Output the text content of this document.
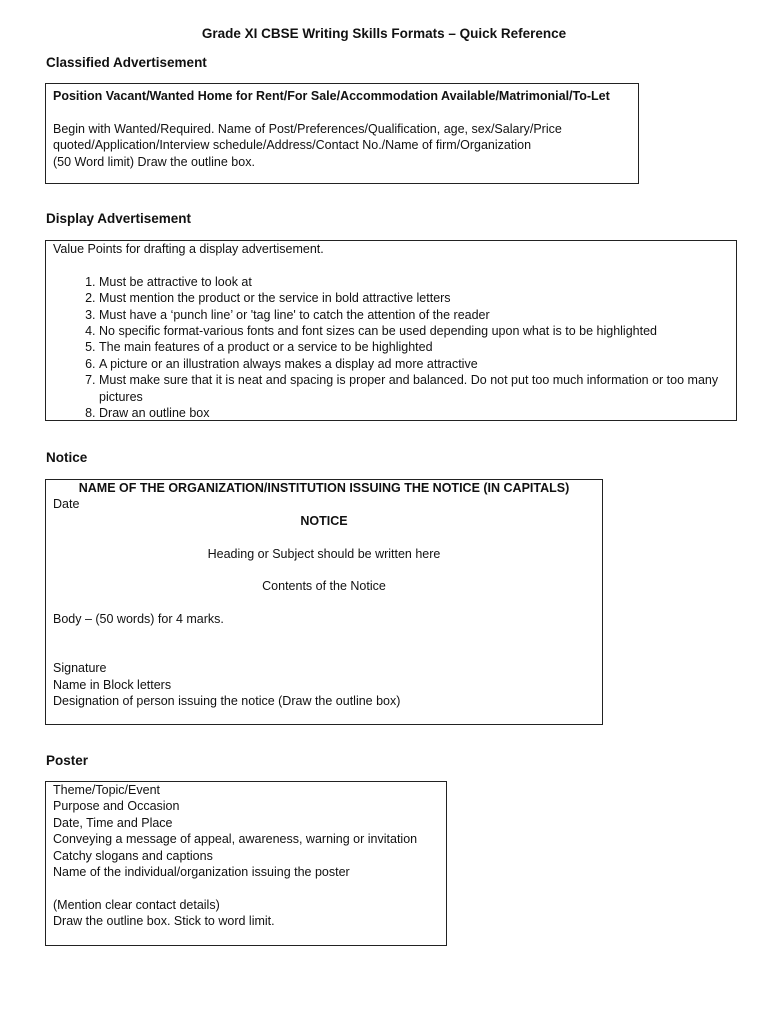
Grade XI CBSE Writing Skills Formats – Quick Reference
Classified Advertisement
Position Vacant/Wanted Home for Rent/For Sale/Accommodation Available/Matrimonial/To-Let
Begin with Wanted/Required. Name of Post/Preferences/Qualification, age, sex/Salary/Price
quoted/Application/Interview schedule/Address/Contact No./Name of firm/Organization
(50 Word limit) Draw the outline box.
Display Advertisement
Value Points for drafting a display advertisement.
1. Must be attractive to look at
2. Must mention the product or the service in bold attractive letters
3. Must have a ‘punch line’ or 'tag line' to catch the attention of the reader
4. No specific format-various fonts and font sizes can be used depending upon what is to be highlighted
5. The main features of a product or a service to be highlighted
6. A picture or an illustration always makes a display ad more attractive
7. Must make sure that it is neat and spacing is proper and balanced. Do not put too much information or too many pictures
8. Draw an outline box
Notice
NAME OF THE ORGANIZATION/INSTITUTION ISSUING THE NOTICE (IN CAPITALS)
Date
NOTICE
Heading or Subject should be written here
Contents of the Notice
Body – (50 words) for 4 marks.
Signature
Name in Block letters
Designation of person issuing the notice (Draw the outline box)
Poster
Theme/Topic/Event
Purpose and Occasion
Date, Time and Place
Conveying a message of appeal, awareness, warning or invitation
Catchy slogans and captions
Name of the individual/organization issuing the poster
(Mention clear contact details)
Draw the outline box. Stick to word limit.
